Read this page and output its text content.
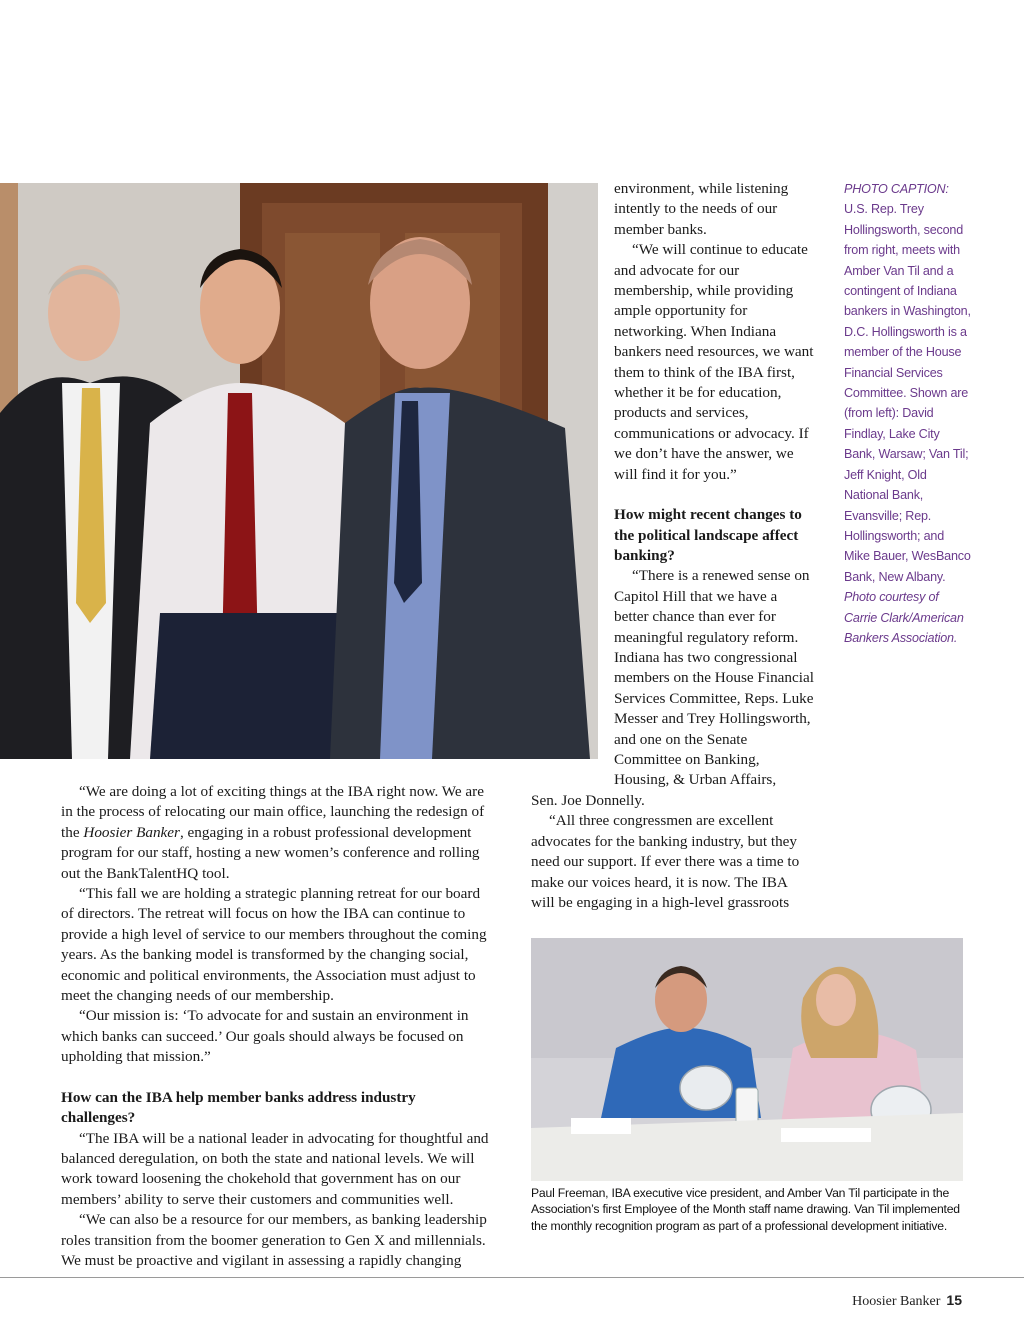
environment, while listening intently to the needs of our member banks.

“We will continue to educate and advocate for our membership, while providing ample opportunity for networking. When Indiana bankers need resources, we want them to think of the IBA first, whether it be for education, products and services, communications or advocacy. If we don’t have the answer, we will find it for you.”

How might recent changes to the political landscape affect banking?

“There is a renewed sense on Capitol Hill that we have a better chance than ever for meaningful regulatory reform. Indiana has two congressional members on the House Financial Services Committee, Reps. Luke Messer and Trey Hollingsworth, and one on the Senate Committee on Banking, Housing, & Urban Affairs,

Sen. Joe Donnelly.

“All three congressmen are excellent advocates for the banking industry, but they need our support. If ever there was a time to make our voices heard, it is now. The IBA will be engaging in a high-level grassroots

“We are doing a lot of exciting things at the IBA right now. We are in the process of relocating our main office, launching the redesign of the Hoosier Banker, engaging in a robust professional development program for our staff, hosting a new women’s conference and rolling out the BankTalentHQ tool.

“This fall we are holding a strategic planning retreat for our board of directors. The retreat will focus on how the IBA can continue to provide a high level of service to our members throughout the coming years. As the banking model is transformed by the changing social, economic and political environments, the Association must adjust to meet the changing needs of our membership.

“Our mission is: ‘To advocate for and sustain an environment in which banks can succeed.’ Our goals should always be focused on upholding that mission.”

How can the IBA help member banks address industry challenges?

“The IBA will be a national leader in advocating for thoughtful and balanced deregulation, on both the state and national levels. We will work toward loosening the chokehold that government has on our members’ ability to serve their customers and communities well.

“We can also be a resource for our members, as banking leadership roles transition from the boomer generation to Gen X and millennials. We must be proactive and vigilant in assessing a rapidly changing

PHOTO CAPTION:
U.S. Rep. Trey Hollingsworth, second from right, meets with Amber Van Til and a contingent of Indiana bankers in Washington, D.C. Hollingsworth is a member of the House Financial Services Committee. Shown are (from left): David Findlay, Lake City Bank, Warsaw; Van Til; Jeff Knight, Old National Bank, Evansville; Rep. Hollingsworth; and Mike Bauer, WesBanco Bank, New Albany.
Photo courtesy of Carrie Clark/American Bankers Association.
Paul Freeman, IBA executive vice president, and Amber Van Til participate in the Association’s first Employee of the Month staff name drawing. Van Til implemented the monthly recognition program as part of a professional development initiative.
Hoosier Banker 15
